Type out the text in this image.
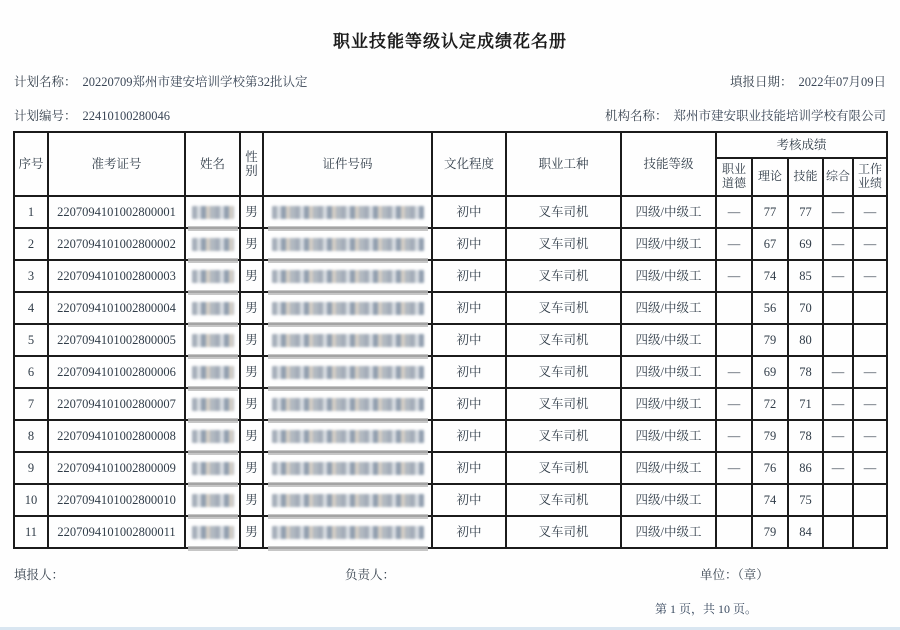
职业技能等级认定成绩花名册
计划名称： 20220709郑州市建安培训学校第32批认定	填报日期： 2022年07月09日
计划编号： 22410100280046	机构名称： 郑州市建安职业技能培训学校有限公司
序号	准考证号	姓名	性别	证件号码	文化程度	职业工种	技能等级	考核成绩				
								职业道德	理论	技能	综合	工作业绩
1	2207094101002800001		男		初中	叉车司机	四级/中级工	—	77	77	—	—
2	2207094101002800002		男		初中	叉车司机	四级/中级工	—	67	69	—	—
3	2207094101002800003		男		初中	叉车司机	四级/中级工	—	74	85	—	—
4	2207094101002800004		男		初中	叉车司机	四级/中级工		56	70		
5	2207094101002800005		男		初中	叉车司机	四级/中级工		79	80		
6	2207094101002800006		男		初中	叉车司机	四级/中级工	—	69	78	—	—
7	2207094101002800007		男		初中	叉车司机	四级/中级工	—	72	71	—	—
8	2207094101002800008		男		初中	叉车司机	四级/中级工	—	79	78	—	—
9	2207094101002800009		男		初中	叉车司机	四级/中级工	—	76	86	—	—
10	2207094101002800010		男		初中	叉车司机	四级/中级工		74	75		
11	2207094101002800011		男		初中	叉车司机	四级/中级工		79	84		
填报人：	负责人：	单位：（章）
第 1 页，共 10 页。
